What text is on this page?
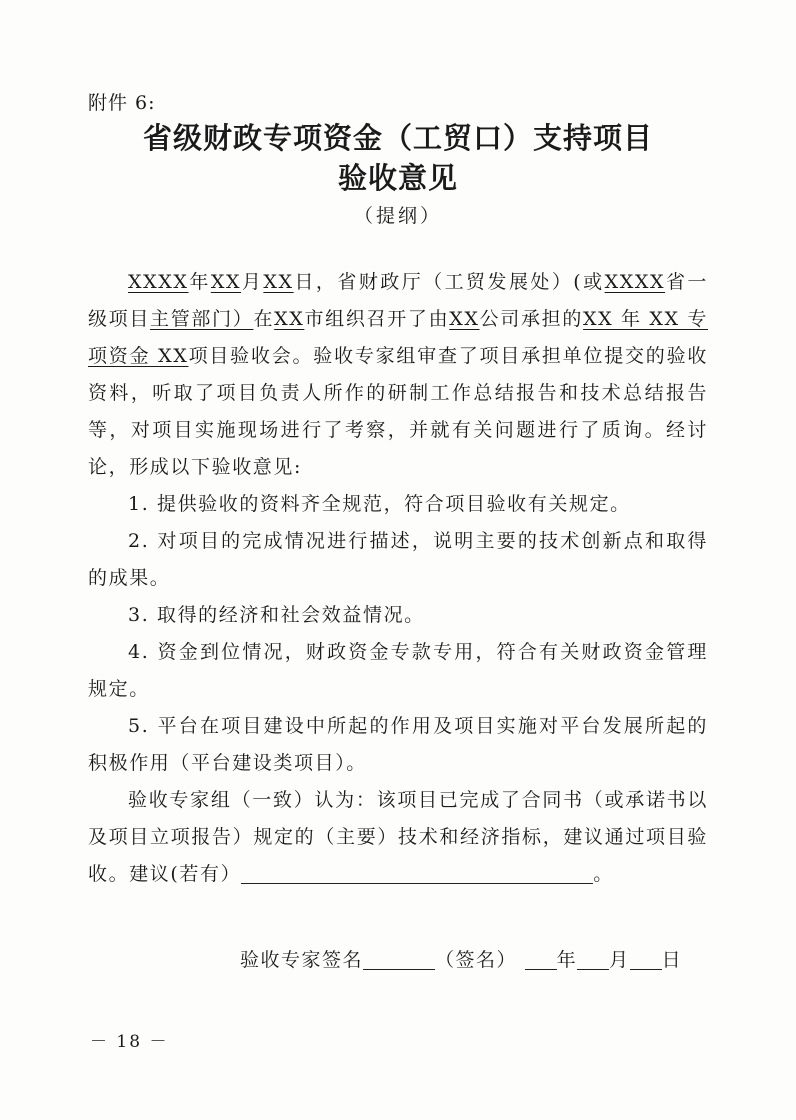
附件 6:
省级财政专项资金（工贸口）支持项目
验收意见
（提纲）

XXXX年XX月XX日，省财政厅（工贸发展处）(或XXXX省一级项目主管部门）在XX市组织召开了由XX公司承担的XX 年 XX 专项资金 XX项目验收会。验收专家组审查了项目承担单位提交的验收资料，听取了项目负责人所作的研制工作总结报告和技术总结报告等，对项目实施现场进行了考察，并就有关问题进行了质询。经讨论，形成以下验收意见:

1. 提供验收的资料齐全规范，符合项目验收有关规定。

2. 对项目的完成情况进行描述，说明主要的技术创新点和取得的成果。

3. 取得的经济和社会效益情况。

4. 资金到位情况，财政资金专款专用，符合有关财政资金管理规定。

5. 平台在项目建设中所起的作用及项目实施对平台发展所起的积极作用（平台建设类项目）。

验收专家组（一致）认为：该项目已完成了合同书（或承诺书以及项目立项报告）规定的（主要）技术和经济指标，建议通过项目验收。建议(若有）	。

验收专家签名	（签名） 年 月 日
－ 18 －
